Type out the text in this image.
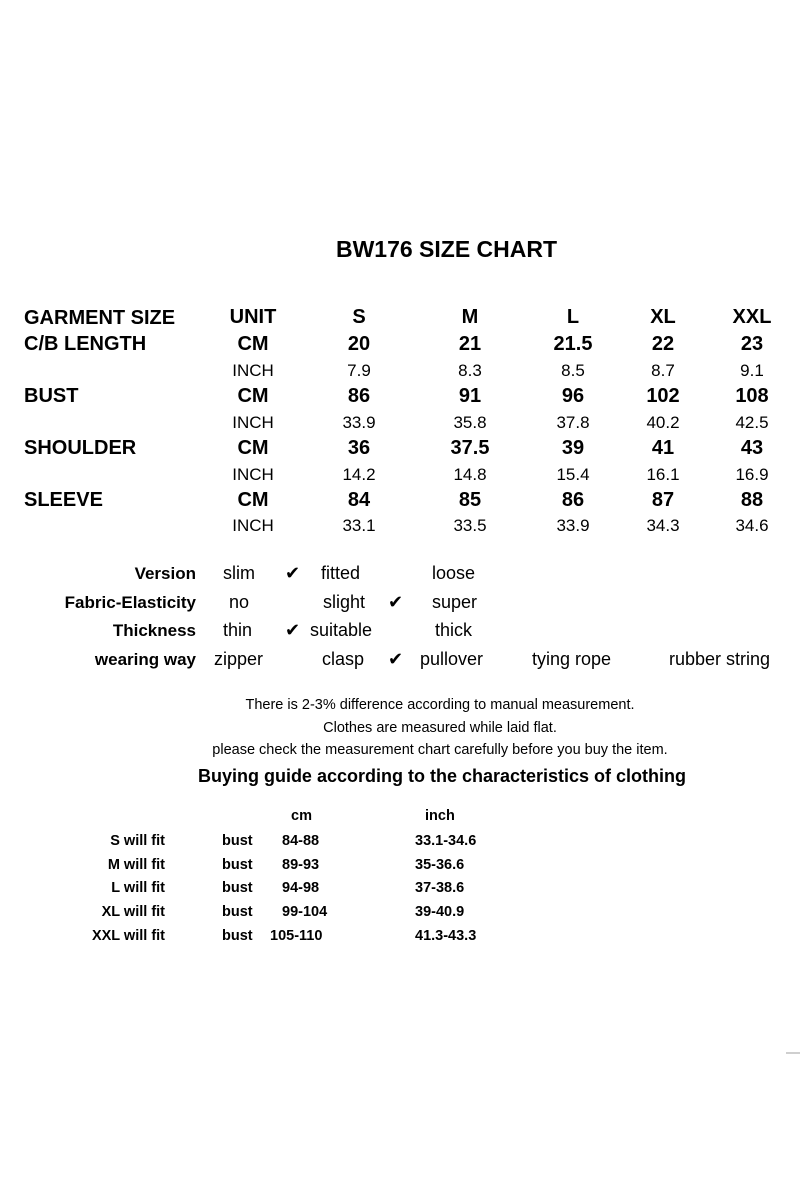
BW176 SIZE CHART
GARMENT SIZE	UNIT	S	M	L	XL	XXL
C/B LENGTH	CM	20	21	21.5	22	23
INCH	7.9	8.3	8.5	8.7	9.1
BUST	CM	86	91	96	102	108
INCH	33.9	35.8	37.8	40.2	42.5
SHOULDER	CM	36	37.5	39	41	43
INCH	14.2	14.8	15.4	16.1	16.9
SLEEVE	CM	84	85	86	87	88
INCH	33.1	33.5	33.9	34.3	34.6
Version slim ✔ fitted	loose
Fabric-Elasticity no	slight ✔ super
Thickness thin ✔ suitable	thick
wearing way zipper	clasp ✔ pullover	tying rope	rubber string
There is 2-3% difference according to manual measurement.
Clothes are measured while laid flat.
please check the measurement chart carefully before you buy the item.
Buying guide according to the characteristics of clothing
cm	inch
S will fit	bust 84-88	33.1-34.6
M will fit	bust 89-93	35-36.6
L will fit	bust 94-98	37-38.6
XL will fit	bust 99-104	39-40.9
XXL will fit	bust 105-110	41.3-43.3
